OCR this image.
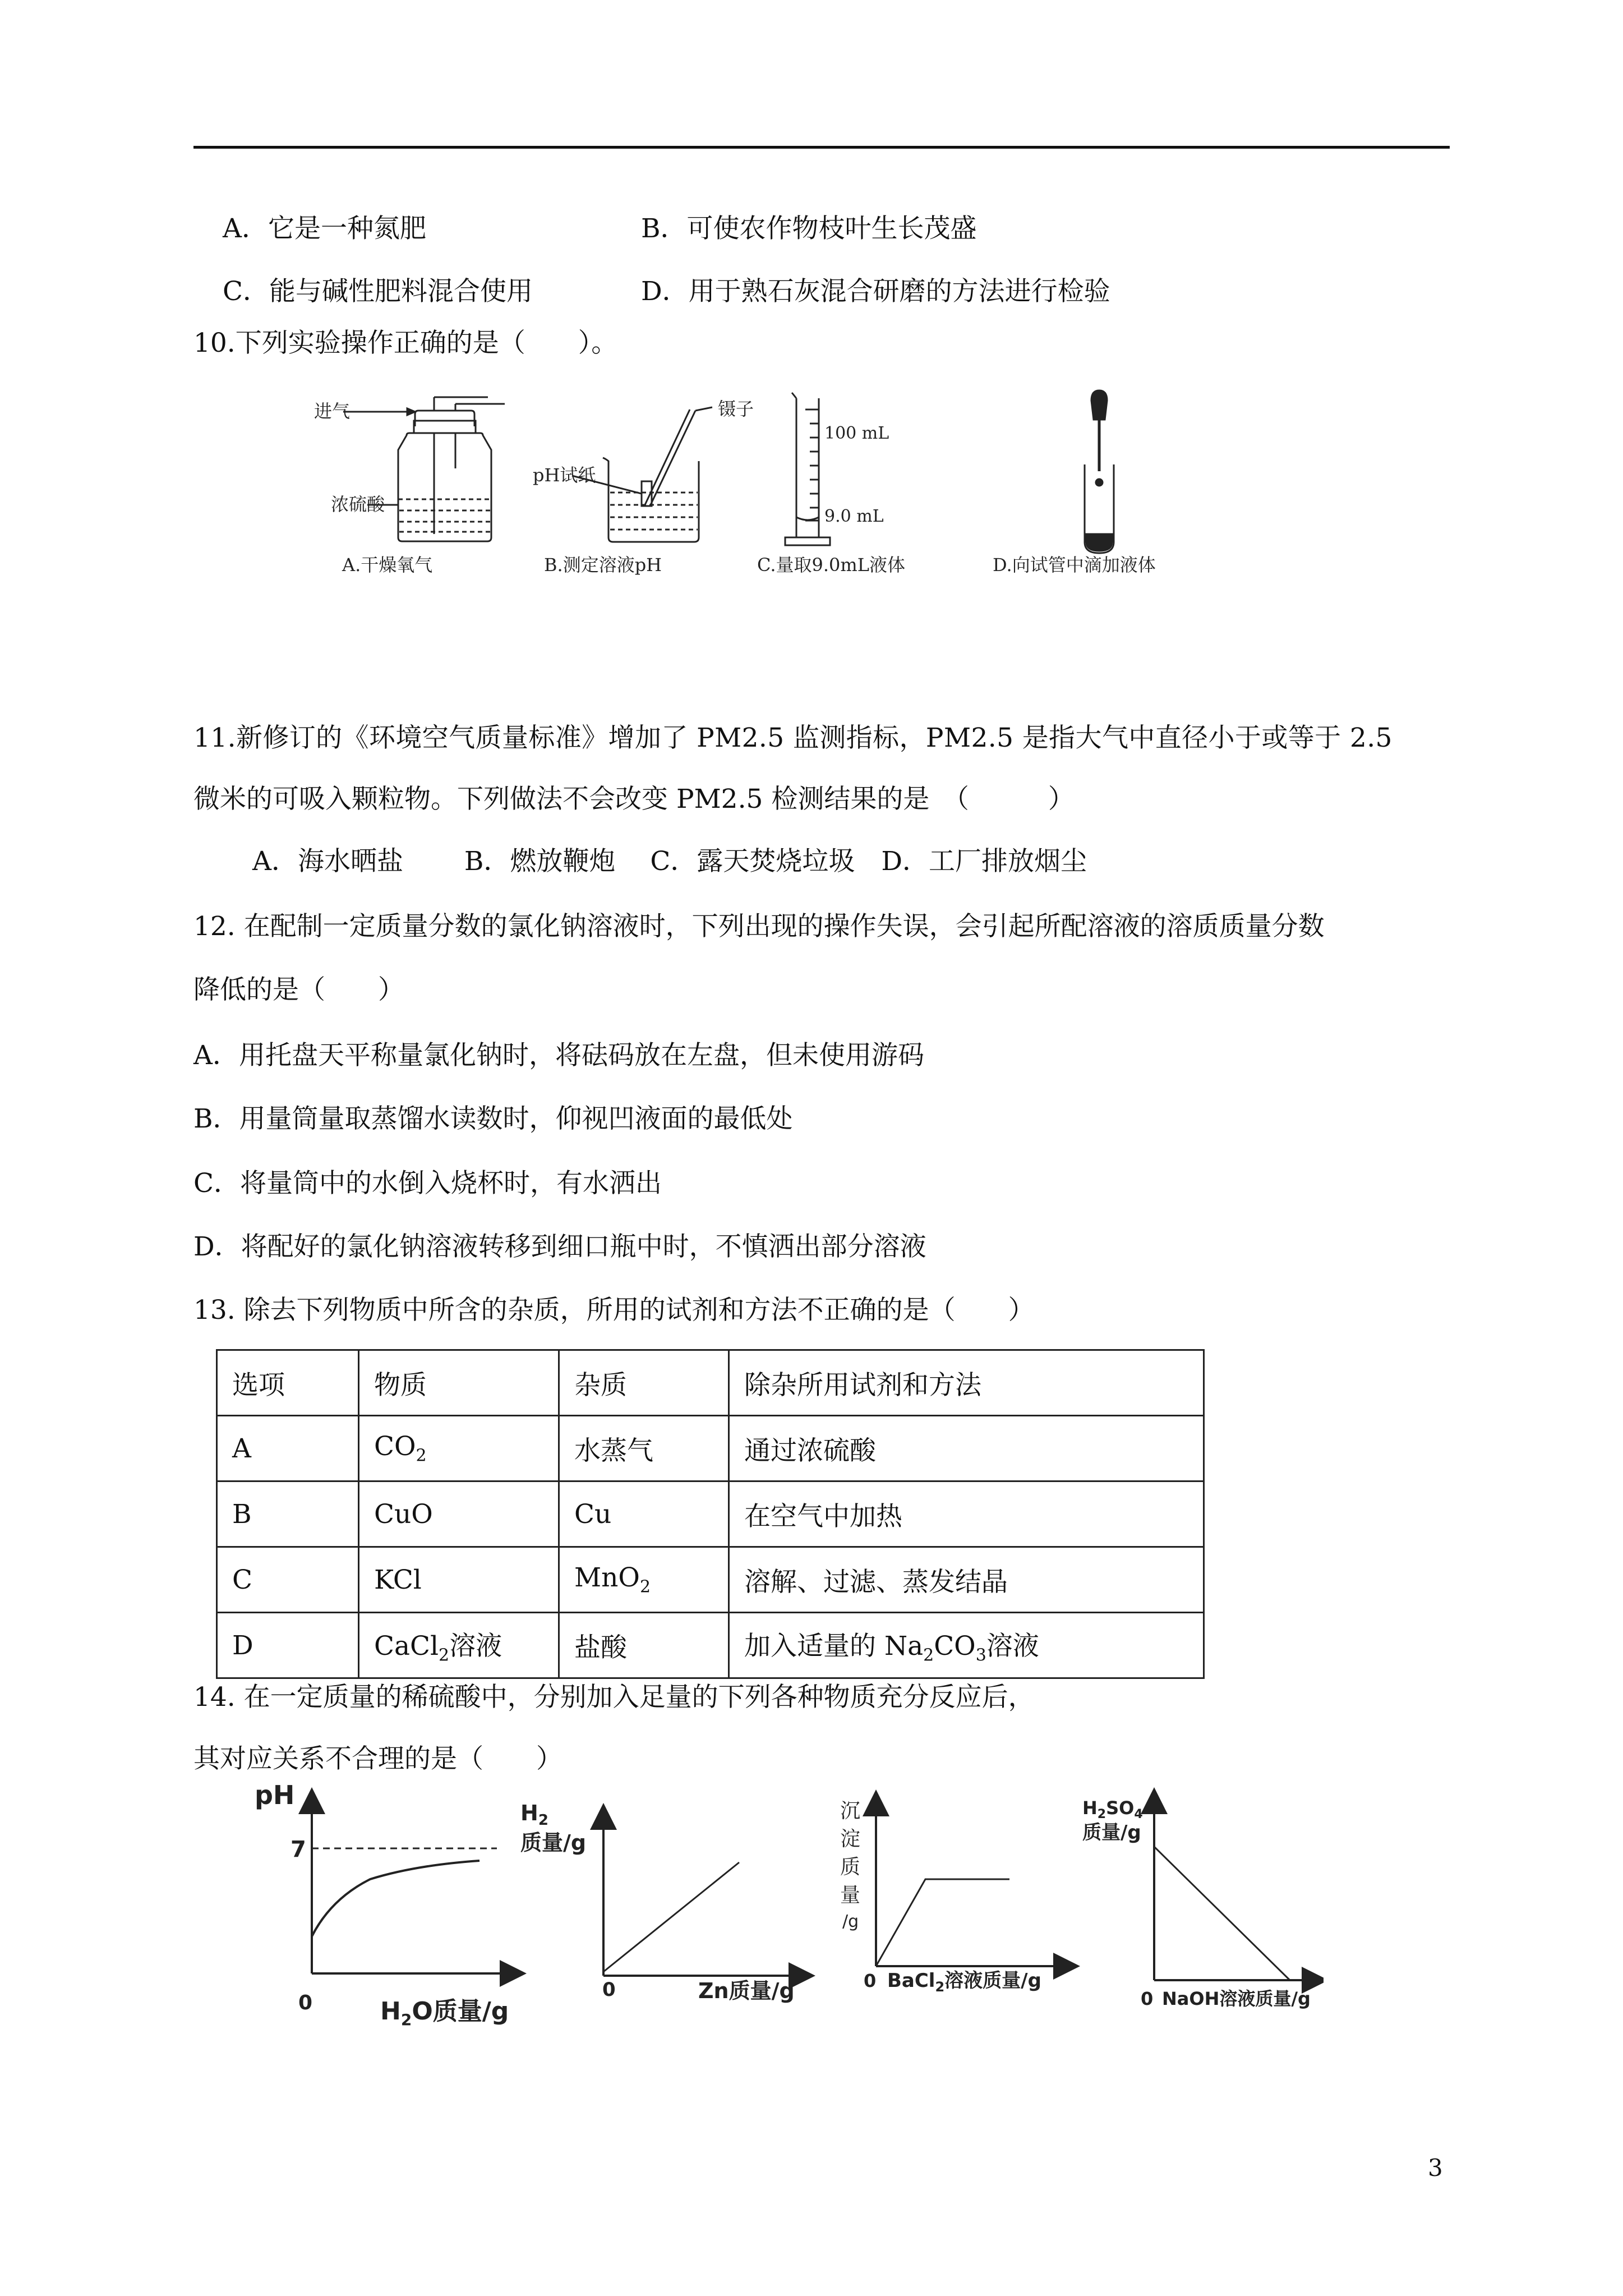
A．它是一种氮肥	B．可使农作物枝叶生长茂盛
C．能与碱性肥料混合使用	D．用于熟石灰混合研磨的方法进行检验
10.下列实验操作正确的是（　　）。
进气
浓硫酸
A.干燥氧气
镊子
pH试纸
B.测定溶液pH
100 mL
9.0 mL
C.量取9.0mL液体	D.向试管中滴加液体
11.新修订的《环境空气质量标准》增加了 PM2.5 监测指标，PM2.5 是指大气中直径小于或等于 2.5
微米的可吸入颗粒物。下列做法不会改变 PM2.5 检测结果的是　（　　　）
A．海水晒盐　　 B．燃放鞭炮　 C．露天焚烧垃圾　D．工厂排放烟尘
12. 在配制一定质量分数的氯化钠溶液时，下列出现的操作失误，会引起所配溶液的溶质质量分数
降低的是（　　）
A．用托盘天平称量氯化钠时，将砝码放在左盘，但未使用游码
B．用量筒量取蒸馏水读数时，仰视凹液面的最低处
C．将量筒中的水倒入烧杯时，有水洒出
D．将配好的氯化钠溶液转移到细口瓶中时，不慎洒出部分溶液
13. 除去下列物质中所含的杂质，所用的试剂和方法不正确的是（　　）
选项	物质	杂质	除杂所用试剂和方法
A	$CO_2$	水蒸气	通过浓硫酸
B	CuO	Cu	在空气中加热
C	KCl	MnO$_2$	溶解、过滤、蒸发结晶
D	CaCl$_2$溶液	盐酸	加入适量的 $Na_2CO_3$溶液
14. 在一定质量的稀硫酸中，分别加入足量的下列各种物质充分反应后，
其对应关系不合理的是（　　）
pH
7
0	$H_2O$质量/g
$H_2$
质量/g
0	Zn质量/g
沉
淀
质
量
/g
0 BaCl$_2$溶液质量/g
$H_2SO_4$
质量/g
0 NaOH溶液质量/g
3
